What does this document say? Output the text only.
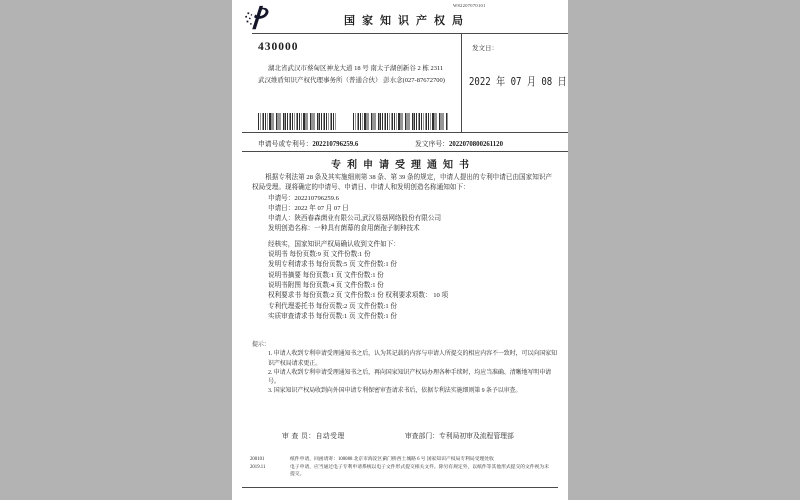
国家知识产权局
W82207070101
发文日：
2022 年 07 月 08 日
430000
湖北省武汉市蔡甸区神龙大道 18 号 南太子湖创新谷 2 栋 2311
武汉维盾知识产权代理事务所（普通合伙） 彭水念(027-87672700)
申请号或专利号：202210796259.6	发文序号：2022070800261120
专利申请受理通知书

根据专利法第 28 条及其实施细则第 38 条、第 39 条的规定，申请人提出的专利申请已由国家知识产权局受理。现将确定的申请号、申请日、申请人和发明创造名称通知如下：

申请号：202210796259.6

申请日：2022 年 07 月 07 日

申请人：陕西春森菌业有限公司,武汉易菇网络股份有限公司

发明创造名称：一种具有菌幕的食用菌孢子制种技术

经核实，国家知识产权局确认收到文件如下：

说明书 每份页数:9 页 文件份数:1 份

发明专利请求书 每份页数:5 页 文件份数:1 份

说明书摘要 每份页数:1 页 文件份数:1 份

说明书附图 每份页数:4 页 文件份数:1 份

权利要求书 每份页数:2 页 文件份数:1 份 权利要求项数： 10 项

专利代理委托书 每份页数:2 页 文件份数:1 份

实质审查请求书 每份页数:1 页 文件份数:1 份

提示：

1. 申请人收到专利申请受理通知书之后，认为其记载的内容与申请人所提交的相应内容不一致时，可以向国家知识产权局请求更正。

2. 申请人收到专利申请受理通知书之后，再向国家知识产权局办理各种手续时，均应当准确、清晰地写明申请号。

3. 国家知识产权局收到向外国申请专利保密审查请求书后，依据专利法实施细则第 9 条予以审查。

审 查 员：自动受理	审查部门：专利局初审及流程管理部
200101	纸件申请，回函请寄：100088 北京市海淀区蓟门桥西土城路 6 号 国家知识产权局专利局受理处收
2019.11	电子申请，应当通过电子专利申请系统以电子文件形式提交相关文件。除另有规定外，以纸件等其他形式提交的文件视为未提交。
